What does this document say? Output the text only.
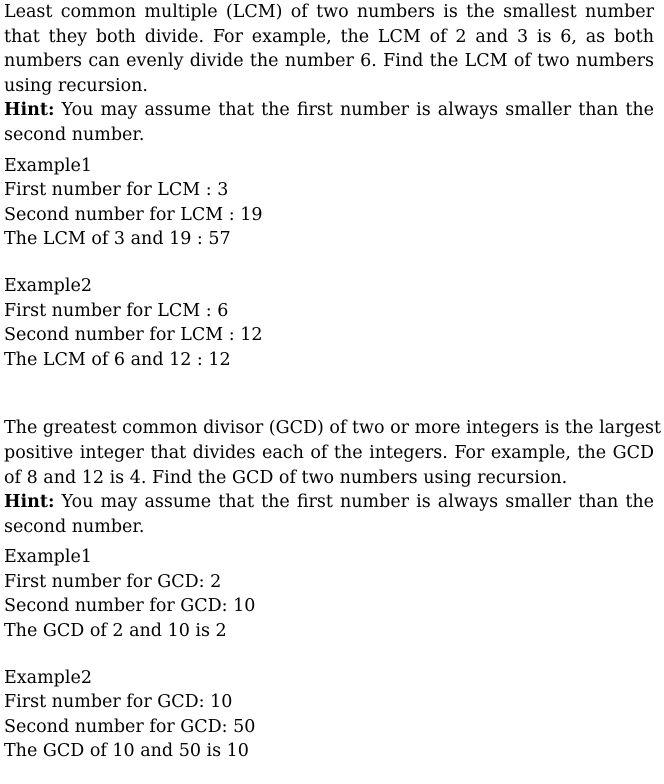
Least common multiple (LCM) of two numbers is the smallest number
that they both divide. For example, the LCM of 2 and 3 is 6, as both
numbers can evenly divide the number 6. Find the LCM of two numbers
using recursion.

Hint: You may assume that the first number is always smaller than the
second number.

Example1
First number for LCM : 3
Second number for LCM : 19
The LCM of 3 and 19 : 57
Example2
First number for LCM : 6
Second number for LCM : 12
The LCM of 6 and 12 : 12

The greatest common divisor (GCD) of two or more integers is the largest
positive integer that divides each of the integers. For example, the GCD
of 8 and 12 is 4. Find the GCD of two numbers using recursion.

Hint: You may assume that the first number is always smaller than the
second number.

Example1
First number for GCD: 2
Second number for GCD: 10
The GCD of 2 and 10 is 2
Example2
First number for GCD: 10
Second number for GCD: 50
The GCD of 10 and 50 is 10
